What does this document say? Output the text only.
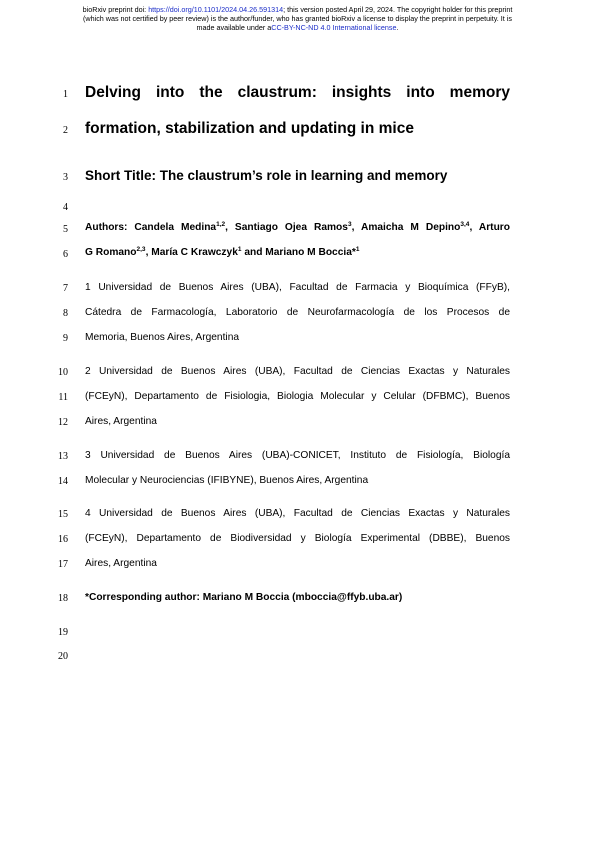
bioRxiv preprint doi: https://doi.org/10.1101/2024.04.26.591314; this version posted April 29, 2024. The copyright holder for this preprint
(which was not certified by peer review) is the author/funder, who has granted bioRxiv a license to display the preprint in perpetuity. It is
made available under aCC-BY-NC-ND 4.0 International license.
1
2
3
4
5
6
7
8
9
10
11
12
13
14
15
16
17
18
19
20
Delving into the claustrum: insights into memory
formation, stabilization and updating in mice
Short Title: The claustrum’s role in learning and memory
Authors: Candela Medina$^{1,2}$, Santiago Ojea Ramos$^3$, Amaicha M Depino$^{3,4}$, Arturo
G Romano$^{2,3}$, María C Krawczyk$^1$ and Mariano M Boccia*$^1$
1 Universidad de Buenos Aires (UBA), Facultad de Farmacia y Bioquímica (FFyB),
Cátedra de Farmacología, Laboratorio de Neurofarmacología de los Procesos de
Memoria, Buenos Aires, Argentina
2 Universidad de Buenos Aires (UBA), Facultad de Ciencias Exactas y Naturales
(FCEyN), Departamento de Fisiologia, Biologia Molecular y Celular (DFBMC), Buenos
Aires, Argentina
3 Universidad de Buenos Aires (UBA)-CONICET, Instituto de Fisiología, Biología
Molecular y Neurociencias (IFIBYNE), Buenos Aires, Argentina
4 Universidad de Buenos Aires (UBA), Facultad de Ciencias Exactas y Naturales
(FCEyN), Departamento de Biodiversidad y Biología Experimental (DBBE), Buenos
Aires, Argentina
*Corresponding author: Mariano M Boccia (mboccia@ffyb.uba.ar)
